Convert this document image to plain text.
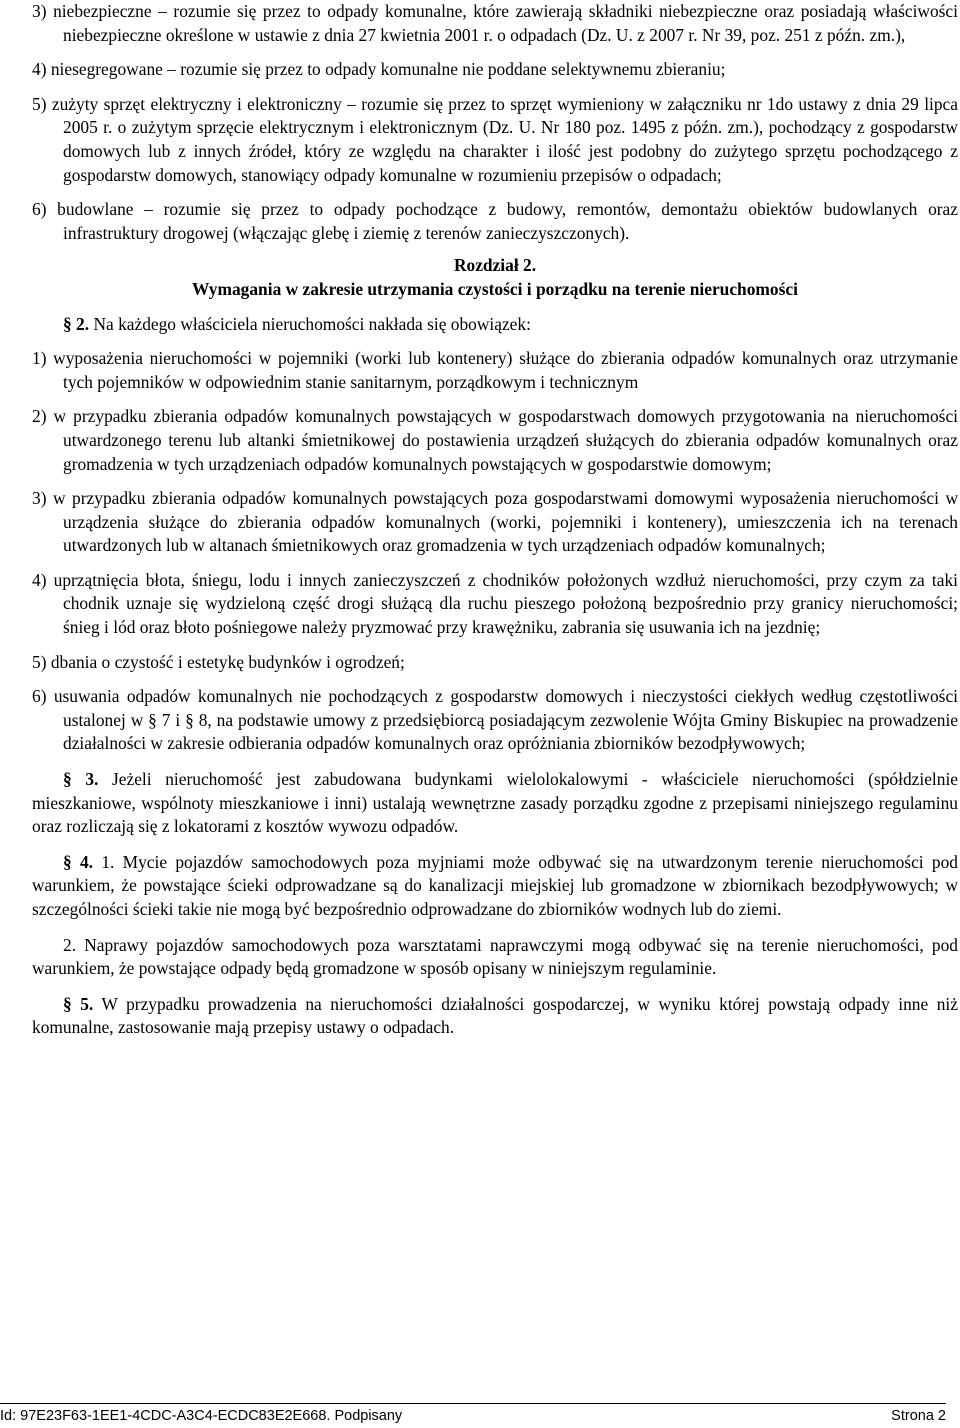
3) niebezpieczne – rozumie się przez to odpady komunalne, które zawierają składniki niebezpieczne oraz posiadają właściwości niebezpieczne określone w ustawie z dnia 27 kwietnia 2001 r. o odpadach (Dz. U. z 2007 r. Nr 39, poz. 251 z późn. zm.),

4) niesegregowane – rozumie się przez to odpady komunalne nie poddane selektywnemu zbieraniu;

5) zużyty sprzęt elektryczny i elektroniczny – rozumie się przez to sprzęt wymieniony w załączniku nr 1do ustawy z dnia 29 lipca 2005 r. o zużytym sprzęcie elektrycznym i elektronicznym (Dz. U. Nr 180 poz. 1495 z późn. zm.), pochodzący z gospodarstw domowych lub z innych źródeł, który ze względu na charakter i ilość jest podobny do zużytego sprzętu pochodzącego z gospodarstw domowych, stanowiący odpady komunalne w rozumieniu przepisów o odpadach;

6) budowlane – rozumie się przez to odpady pochodzące z budowy, remontów, demontażu obiektów budowlanych oraz infrastruktury drogowej (włączając glebę i ziemię z terenów zanieczyszczonych).

Rozdział 2.

Wymagania w zakresie utrzymania czystości i porządku na terenie nieruchomości

§ 2. Na każdego właściciela nieruchomości nakłada się obowiązek:

1) wyposażenia nieruchomości w pojemniki (worki lub kontenery) służące do zbierania odpadów komunalnych oraz utrzymanie tych pojemników w odpowiednim stanie sanitarnym, porządkowym i technicznym

2) w przypadku zbierania odpadów komunalnych powstających w gospodarstwach domowych przygotowania na nieruchomości utwardzonego terenu lub altanki śmietnikowej do postawienia urządzeń służących do zbierania odpadów komunalnych oraz gromadzenia w tych urządzeniach odpadów komunalnych powstających w gospodarstwie domowym;

3) w przypadku zbierania odpadów komunalnych powstających poza gospodarstwami domowymi wyposażenia nieruchomości w urządzenia służące do zbierania odpadów komunalnych (worki, pojemniki i kontenery), umieszczenia ich na terenach utwardzonych lub w altanach śmietnikowych oraz gromadzenia w tych urządzeniach odpadów komunalnych;

4) uprzątnięcia błota, śniegu, lodu i innych zanieczyszczeń z chodników położonych wzdłuż nieruchomości, przy czym za taki chodnik uznaje się wydzieloną część drogi służącą dla ruchu pieszego położoną bezpośrednio przy granicy nieruchomości; śnieg i lód oraz błoto pośniegowe należy pryzmować przy krawężniku, zabrania się usuwania ich na jezdnię;

5) dbania o czystość i estetykę budynków i ogrodzeń;

6) usuwania odpadów komunalnych nie pochodzących z gospodarstw domowych i nieczystości ciekłych według częstotliwości ustalonej w § 7 i § 8, na podstawie umowy z przedsiębiorcą posiadającym zezwolenie Wójta Gminy Biskupiec na prowadzenie działalności w zakresie odbierania odpadów komunalnych oraz opróżniania zbiorników bezodpływowych;

§ 3. Jeżeli nieruchomość jest zabudowana budynkami wielolokalowymi - właściciele nieruchomości (spółdzielnie mieszkaniowe, wspólnoty mieszkaniowe i inni) ustalają wewnętrzne zasady porządku zgodne z przepisami niniejszego regulaminu oraz rozliczają się z lokatorami z kosztów wywozu odpadów.

§ 4. 1. Mycie pojazdów samochodowych poza myjniami może odbywać się na utwardzonym terenie nieruchomości pod warunkiem, że powstające ścieki odprowadzane są do kanalizacji miejskiej lub gromadzone w zbiornikach bezodpływowych; w szczególności ścieki takie nie mogą być bezpośrednio odprowadzane do zbiorników wodnych lub do ziemi.

2. Naprawy pojazdów samochodowych poza warsztatami naprawczymi mogą odbywać się na terenie nieruchomości, pod warunkiem, że powstające odpady będą gromadzone w sposób opisany w niniejszym regulaminie.

§ 5. W przypadku prowadzenia na nieruchomości działalności gospodarczej, w wyniku której powstają odpady inne niż komunalne, zastosowanie mają przepisy ustawy o odpadach.

Id: 97E23F63-1EE1-4CDC-A3C4-ECDC83E2E668. Podpisany	Strona 2
